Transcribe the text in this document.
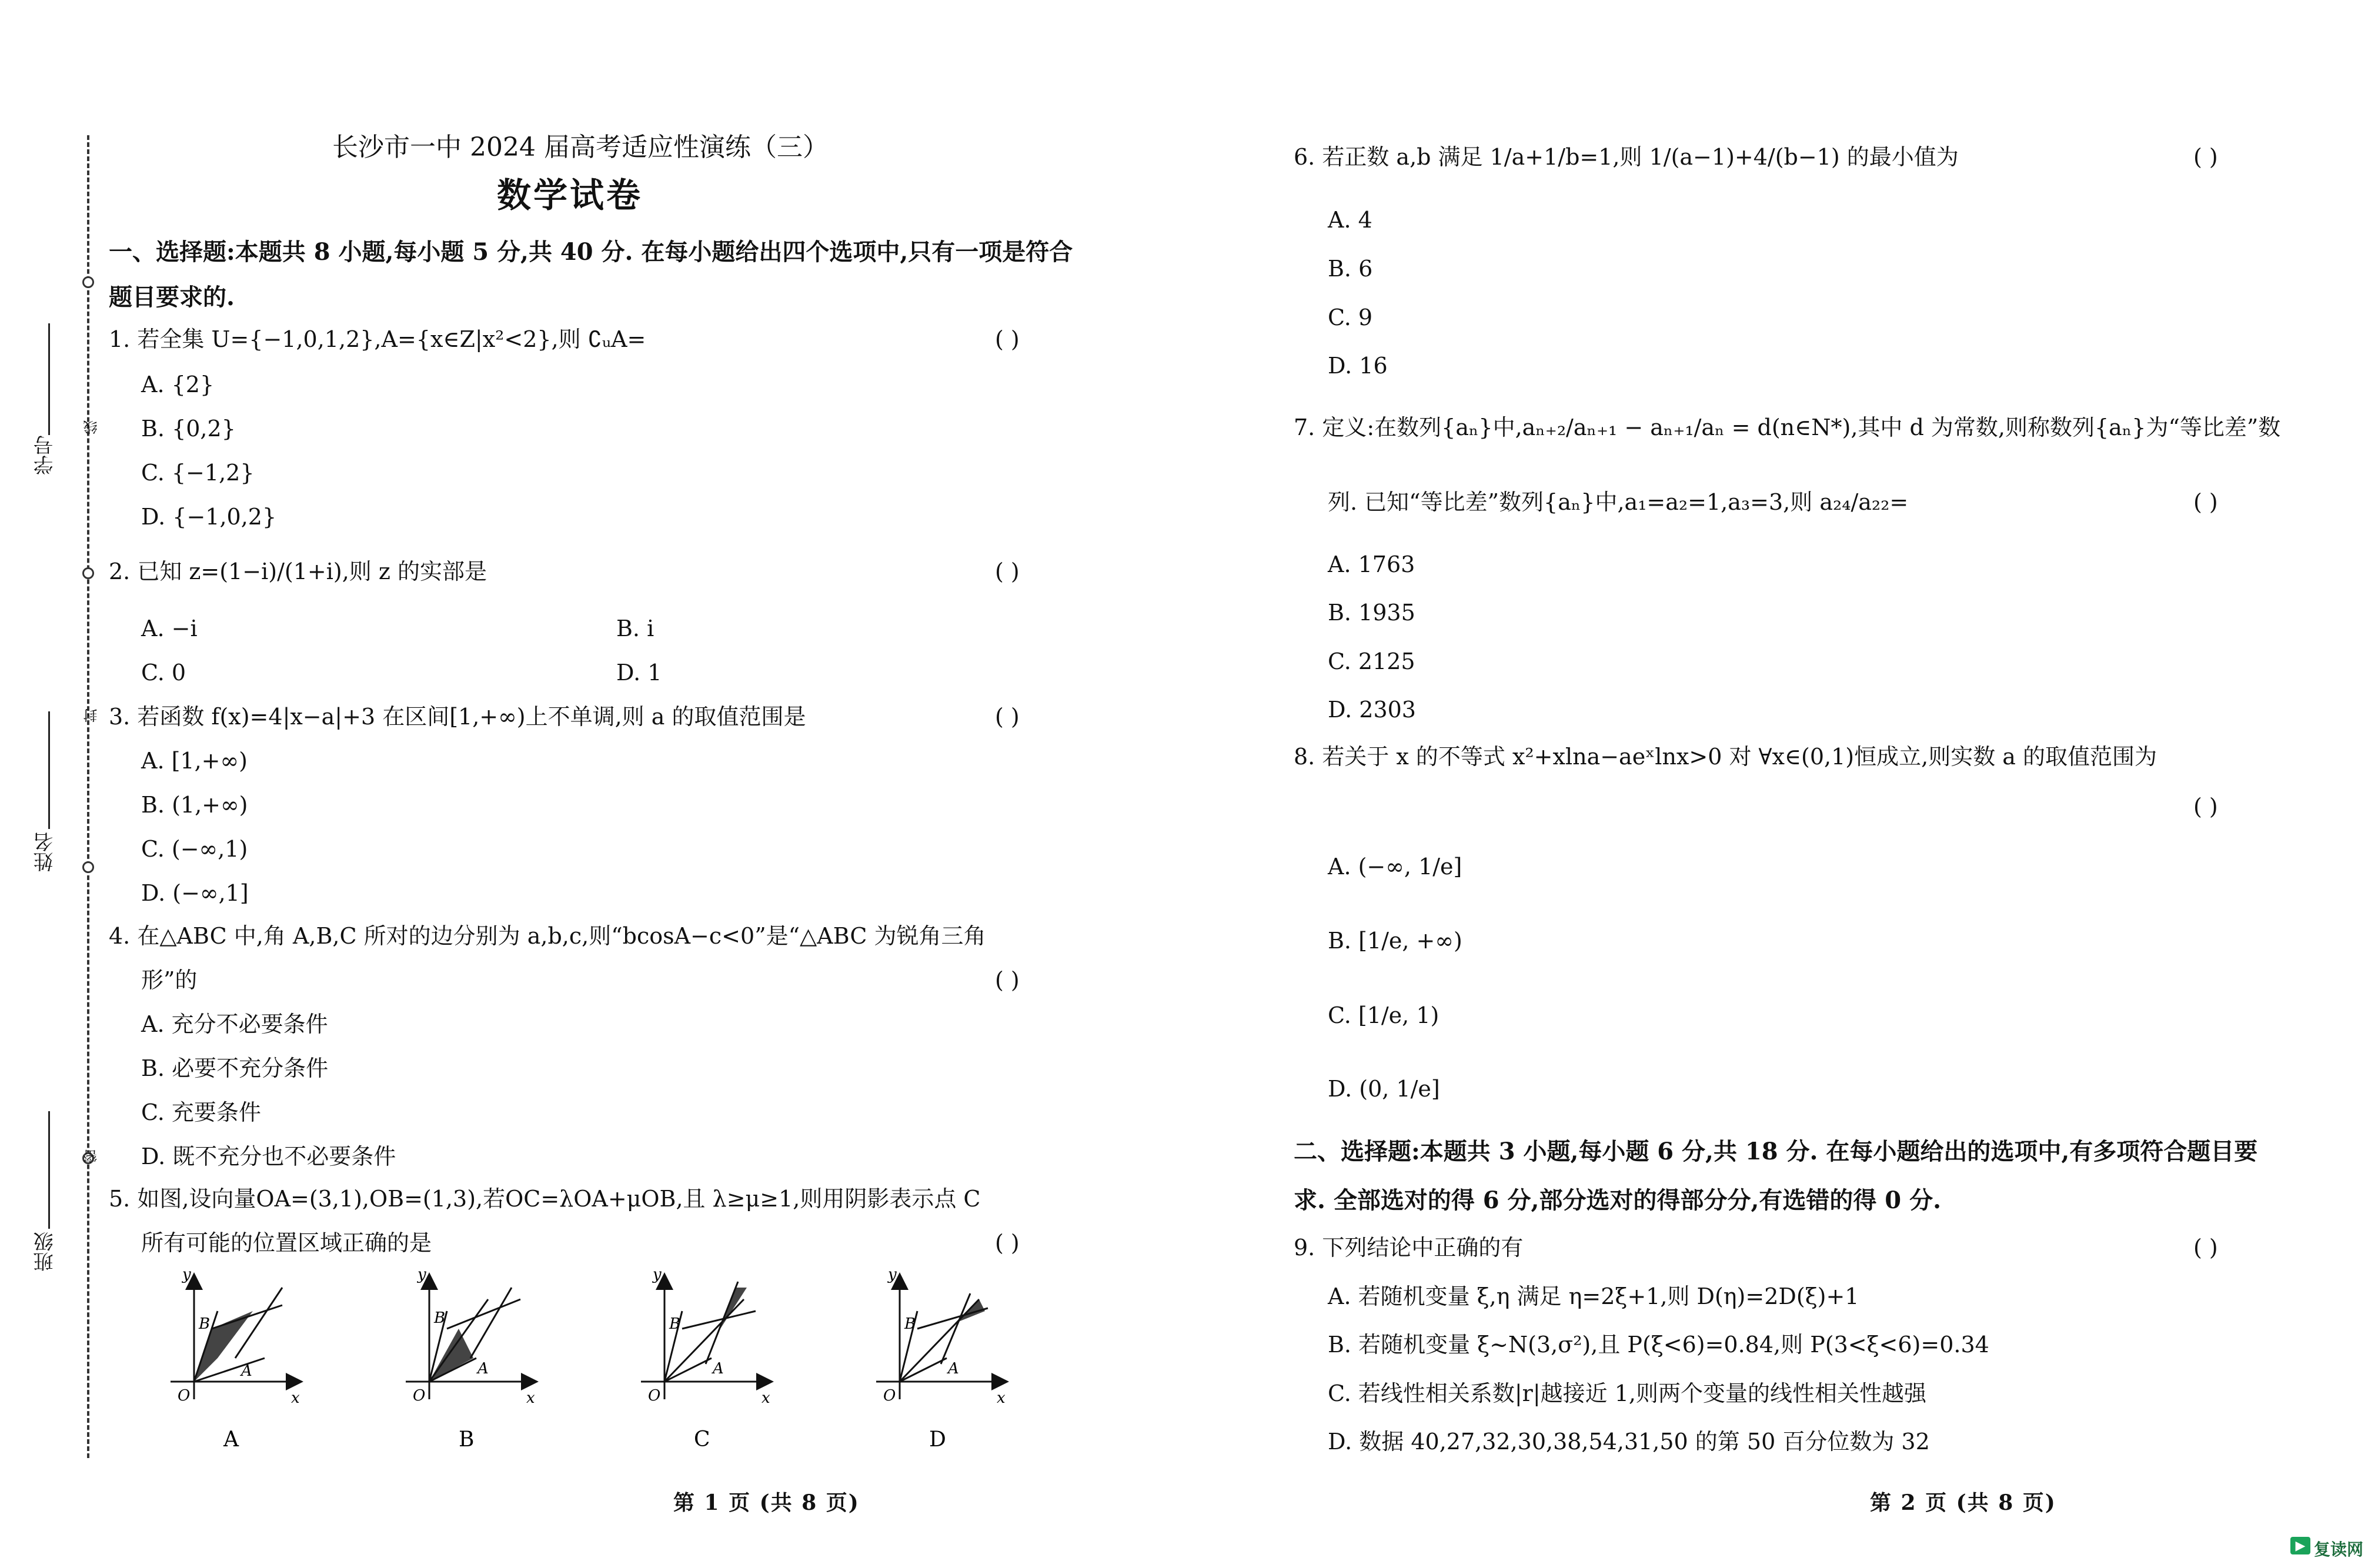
线
封
密
学号
姓名
班级
长沙市一中 2024 届高考适应性演练（三）
数学试卷
一、选择题:本题共 8 小题,每小题 5 分,共 40 分. 在每小题给出四个选项中,只有一项是符合
题目要求的.
1. 若全集 U={−1,0,1,2},A={x∈Z|x²<2},则 ∁ᵤA=	( )
A. {2}
B. {0,2}
C. {−1,2}
D. {−1,0,2}
2. 已知 z=(1−i)/(1+i),则 z 的实部是	( )
A. −i	B. i
C. 0	D. 1
3. 若函数 f(x)=4|x−a|+3 在区间[1,+∞)上不单调,则 a 的取值范围是	( )
A. [1,+∞)
B. (1,+∞)
C. (−∞,1)
D. (−∞,1]
4. 在△ABC 中,角 A,B,C 所对的边分别为 a,b,c,则“bcosA−c<0”是“△ABC 为锐角三角
形”的	( )
A. 充分不必要条件
B. 必要不充分条件
C. 充要条件
D. 既不充分也不必要条件
5. 如图,设向量OA=(3,1),OB=(1,3),若OC=λOA+μOB,且 λ≥μ≥1,则用阴影表示点 C
所有可能的位置区域正确的是	( )
y
x
O
B
A
A
y
x
O
B
A
B
y
x
O
B
A
C
y
x
O
B
A
D
第 1 页 (共 8 页)
6. 若正数 a,b 满足 1/a+1/b=1,则 1/(a−1)+4/(b−1) 的最小值为	( )
A. 4
B. 6
C. 9
D. 16
7. 定义:在数列{aₙ}中,aₙ₊₂/aₙ₊₁ − aₙ₊₁/aₙ = d(n∈N*),其中 d 为常数,则称数列{aₙ}为“等比差”数
列. 已知“等比差”数列{aₙ}中,a₁=a₂=1,a₃=3,则 a₂₄/a₂₂=	( )
A. 1763
B. 1935
C. 2125
D. 2303
8. 若关于 x 的不等式 x²+xlna−aeˣlnx>0 对 ∀x∈(0,1)恒成立,则实数 a 的取值范围为
( )
A. (−∞, 1/e]
B. [1/e, +∞)
C. [1/e, 1)
D. (0, 1/e]
二、选择题:本题共 3 小题,每小题 6 分,共 18 分. 在每小题给出的选项中,有多项符合题目要
求. 全部选对的得 6 分,部分选对的得部分分,有选错的得 0 分.
9. 下列结论中正确的有	( )
A. 若随机变量 ξ,η 满足 η=2ξ+1,则 D(η)=2D(ξ)+1
B. 若随机变量 ξ~N(3,σ²),且 P(ξ<6)=0.84,则 P(3<ξ<6)=0.34
C. 若线性相关系数|r|越接近 1,则两个变量的线性相关性越强
D. 数据 40,27,32,30,38,54,31,50 的第 50 百分位数为 32
第 2 页 (共 8 页)
▶ 复读网
